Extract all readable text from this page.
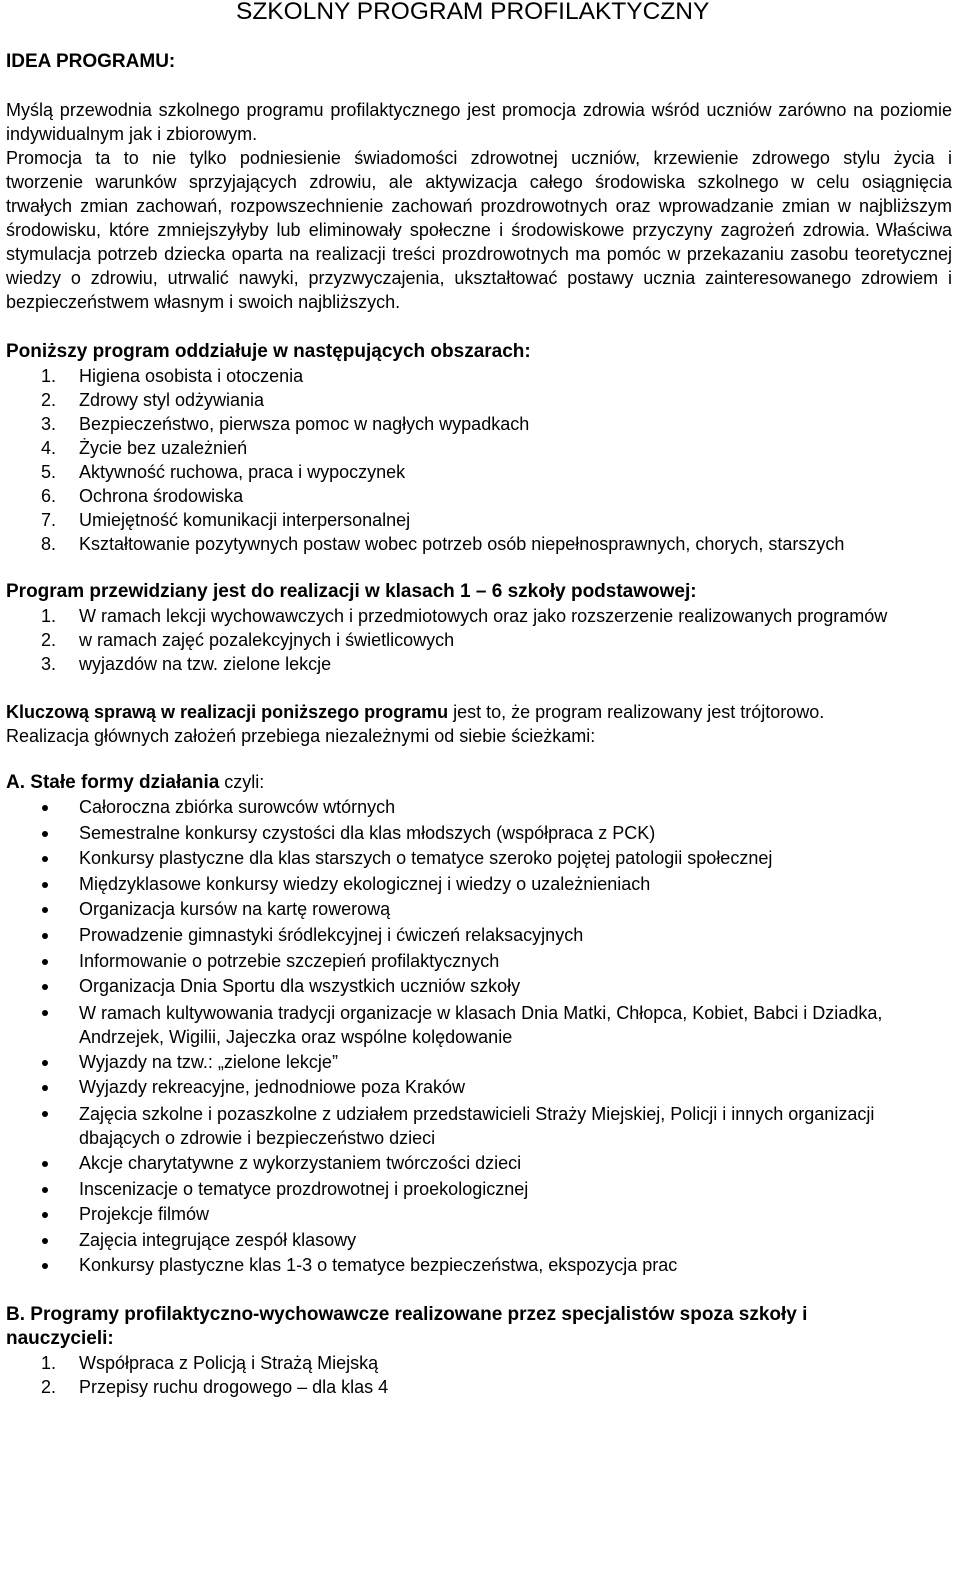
SZKOLNY PROGRAM PROFILAKTYCZNY
IDEA PROGRAMU:

Myślą przewodnia szkolnego programu profilaktycznego jest promocja zdrowia wśród uczniów zarówno na poziomie indywidualnym jak i zbiorowym.

Promocja ta to nie tylko podniesienie świadomości zdrowotnej uczniów, krzewienie zdrowego stylu życia i tworzenie warunków sprzyjających zdrowiu, ale aktywizacja całego środowiska szkolnego w celu osiągnięcia trwałych zmian zachowań, rozpowszechnienie zachowań prozdrowotnych oraz wprowadzanie zmian w najbliższym środowisku, które zmniejszyłyby lub eliminowały społeczne i środowiskowe przyczyny zagrożeń zdrowia. Właściwa stymulacja potrzeb dziecka oparta na realizacji treści prozdrowotnych ma pomóc w przekazaniu zasobu teoretycznej wiedzy o zdrowiu, utrwalić nawyki, przyzwyczajenia, ukształtować postawy ucznia zainteresowanego zdrowiem i bezpieczeństwem własnym i swoich najbliższych.

Poniższy program oddziałuje w następujących obszarach:

1.	Higiena osobista i otoczenia
2.	Zdrowy styl odżywiania
3.	Bezpieczeństwo, pierwsza pomoc w nagłych wypadkach
4.	Życie bez uzależnień
5.	Aktywność ruchowa, praca i wypoczynek
6.	Ochrona środowiska
7.	Umiejętność komunikacji interpersonalnej
8.	Kształtowanie pozytywnych postaw wobec potrzeb osób niepełnosprawnych, chorych, starszych

Program przewidziany jest do realizacji w klasach 1 – 6 szkoły podstawowej:

1.	W ramach lekcji wychowawczych i przedmiotowych oraz jako rozszerzenie realizowanych programów
2.	w ramach zajęć pozalekcyjnych i świetlicowych
3.	wyjazdów na tzw. zielone lekcje

Kluczową sprawą w realizacji poniższego programu jest to, że program realizowany jest trójtorowo. Realizacja głównych założeń przebiega niezależnymi od siebie ścieżkami:

A. Stałe formy działania czyli:

Całoroczna zbiórka surowców wtórnych
Semestralne konkursy czystości dla klas młodszych (współpraca z PCK)
Konkursy plastyczne dla klas starszych o tematyce szeroko pojętej patologii społecznej
Międzyklasowe konkursy wiedzy ekologicznej i wiedzy o uzależnieniach
Organizacja kursów na kartę rowerową
Prowadzenie gimnastyki śródlekcyjnej i ćwiczeń relaksacyjnych
Informowanie o potrzebie szczepień profilaktycznych
Organizacja Dnia Sportu dla wszystkich uczniów szkoły
W ramach kultywowania tradycji organizacje w klasach Dnia Matki, Chłopca, Kobiet, Babci i Dziadka, Andrzejek, Wigilii, Jajeczka oraz wspólne kolędowanie
Wyjazdy na tzw.: „zielone lekcje”
Wyjazdy rekreacyjne, jednodniowe poza Kraków
Zajęcia szkolne i pozaszkolne z udziałem przedstawicieli Straży Miejskiej, Policji i innych organizacji dbających o zdrowie i bezpieczeństwo dzieci
Akcje charytatywne z wykorzystaniem twórczości dzieci
Inscenizacje o tematyce prozdrowotnej i proekologicznej
Projekcje filmów
Zajęcia integrujące zespół klasowy
Konkursy plastyczne klas 1-3 o tematyce bezpieczeństwa, ekspozycja prac

B. Programy profilaktyczno-wychowawcze realizowane przez specjalistów spoza szkoły i nauczycieli:

1.	Współpraca z Policją i Strażą Miejską
2.	Przepisy ruchu drogowego – dla klas 4
